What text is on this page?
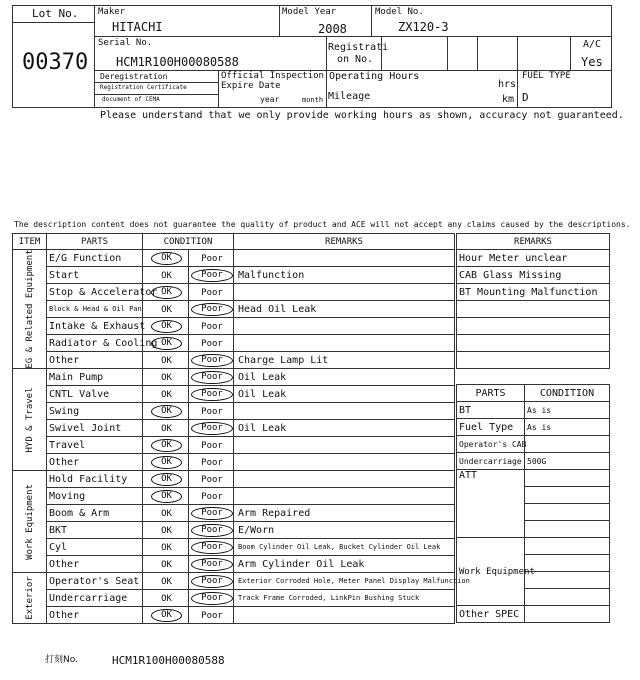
Lot No.
00370
Maker
HITACHI
Model Year
2008
Model No.
ZX120-3
Serial No.
HCM1R100H00080588
Registrati
on No.
A/C
Yes
Deregistration
Registration Certificate
document of CEMA
Official Inspection
Expire Date
year	month
Operating Hours
hrs
Mileage	km
FUEL TYPE
D
Please understand that we only provide working hours as shown, accuracy not guaranteed.
The description content does not guarantee the quality of product and ACE will not accept any claims caused by the descriptions.
ITEM	PARTS	CONDITION		REMARKS

EG & Related Equipment	E/G Function	OK	Poor	
	Start	OK	Poor	Malfunction
	Stop & Accelerator	OK	Poor	
	Block & Head & Oil Pan	OK	Poor	Head Oil Leak
	Intake & Exhaust	OK	Poor	
	Radiator & Cooling	OK	Poor	
	Other	OK	Poor	Charge Lamp Lit

HYD & Travel	Main Pump	OK	Poor	Oil Leak
	CNTL Valve	OK	Poor	Oil Leak
	Swing	OK	Poor	
	Swivel Joint	OK	Poor	Oil Leak
	Travel	OK	Poor	
	Other	OK	Poor	

Work Equipment	Hold Facility	OK	Poor	
	Moving	OK	Poor	
	Boom & Arm	OK	Poor	Arm Repaired
	BKT	OK	Poor	E/Worn
	Cyl	OK	Poor	Boom Cylinder Oil Leak, Bucket Cylinder Oil Leak
	Other	OK	Poor	Arm Cylinder Oil Leak

Exterior	Operator's Seat	OK	Poor	Exterior Corroded Hole, Meter Panel Display Malfunction
	Undercarriage	OK	Poor	Track Frame Corroded, LinkPin Bushing Stuck
	Other	OK	Poor	
REMARKS
Hour Meter unclear
CAB Glass Missing
BT Mounting Malfunction

PARTS	CONDITION
BT	As is
Fuel Type	As is
Operator's CAB	
Undercarriage	500G
ATT	

Work Equipment	

Other SPEC	
打刻No.	HCM1R100H00080588
